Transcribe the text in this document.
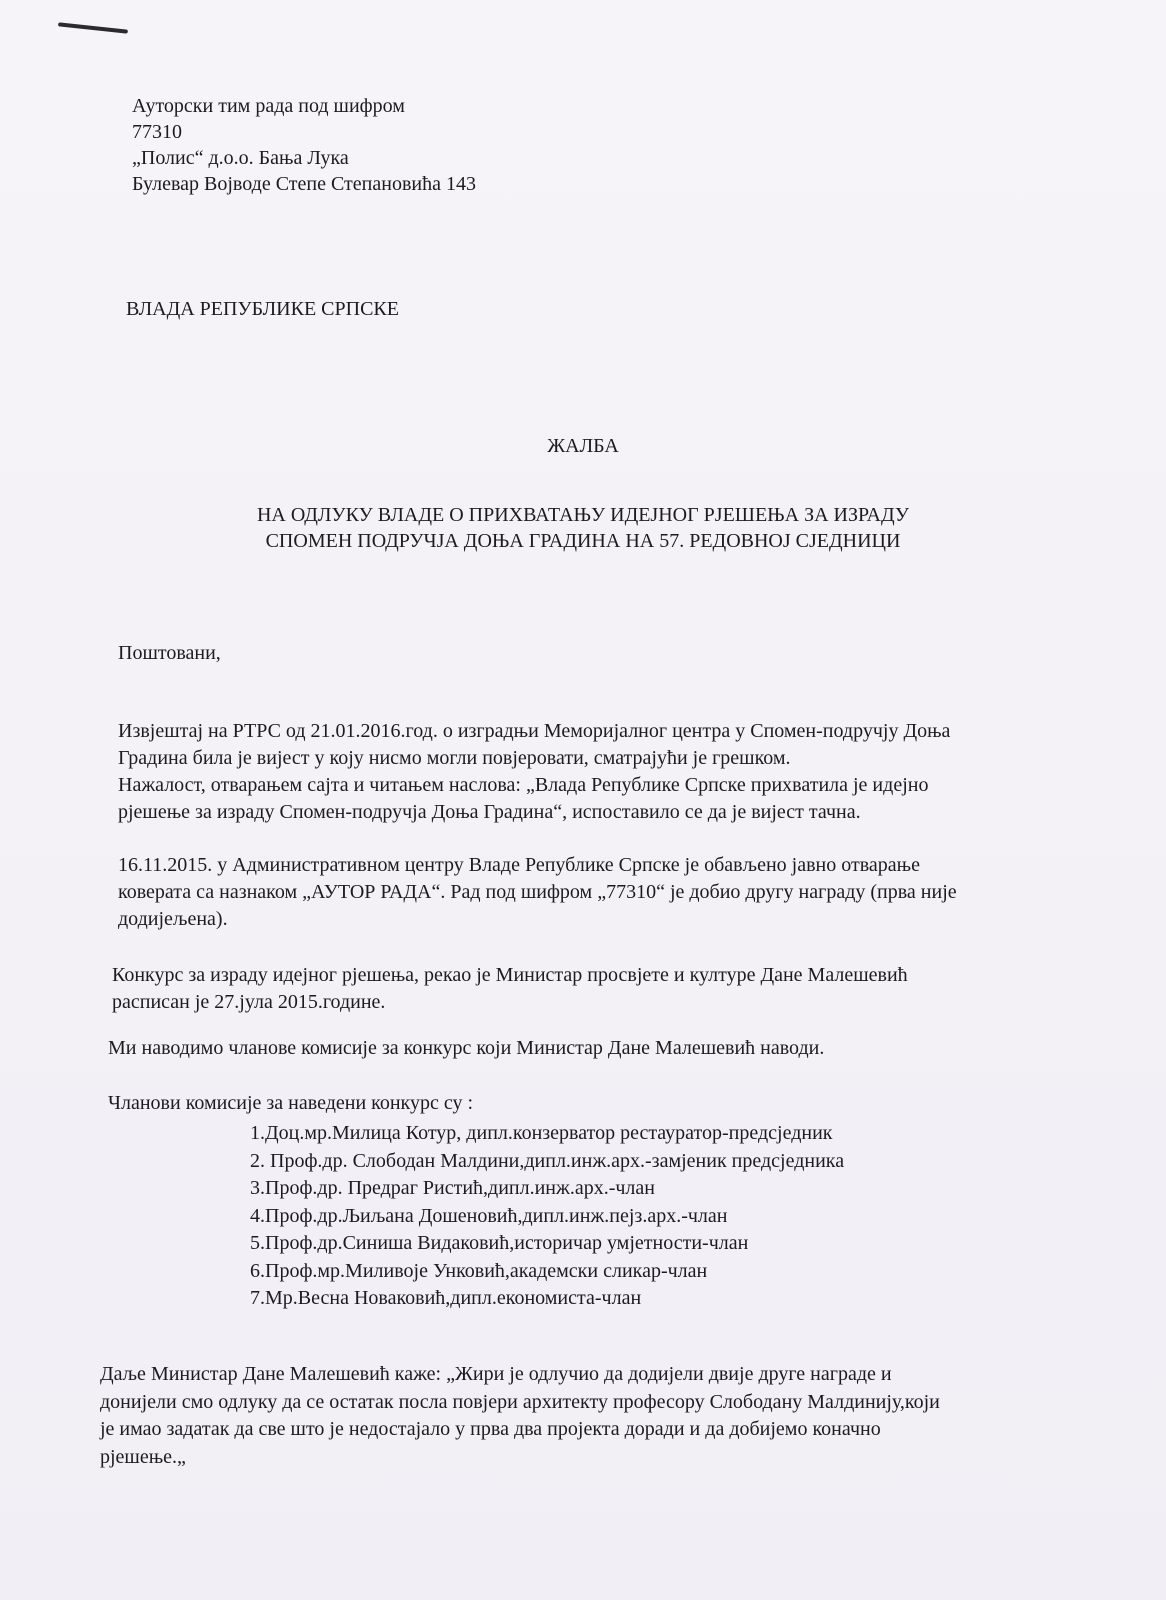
Ауторски тим рада под шифром
77310
„Полис“ д.о.о. Бања Лука
Булевар Војводе Степе Степановића 143
ВЛАДА РЕПУБЛИКЕ СРПСКЕ
ЖАЛБА
НА ОДЛУКУ ВЛАДЕ О ПРИХВАТАЊУ ИДЕЈНОГ РЈЕШЕЊА ЗА ИЗРАДУ
СПОМЕН ПОДРУЧЈА ДОЊА ГРАДИНА НА 57. РЕДОВНОЈ СЈЕДНИЦИ
Поштовани,
Извјештај на РТРС од 21.01.2016.год. о изградњи Меморијалног центра у Спомен-подручју Доња
Градина била је вијест у коју нисмо могли повјеровати, сматрајући је грешком.
Нажалост, отварањем сајта и читањем наслова: „Влада Републике Српске прихватила је идејно
рјешење за израду Спомен-подручја Доња Градина“, испоставило се да је вијест тачна.
16.11.2015. у Административном центру Владе Републике Српске је обављено јавно отварање
коверата са назнаком „АУТОР РАДА“. Рад под шифром „77310“ је добио другу награду (прва није
додијељена).
Конкурс за израду идејног рјешења, рекао је Министар просвјете и културе Дане Малешевић
расписан је 27.јула 2015.године.
Ми наводимо чланове комисије за конкурс који Министар Дане Малешевић наводи.
Чланови комисије за наведени конкурс су :
1.Доц.мр.Милица Котур, дипл.конзерватор рестауратор-предсједник
2. Проф.др. Слободан Малдини,дипл.инж.арх.-замјеник предсједника
3.Проф.др. Предраг Ристић,дипл.инж.арх.-члан
4.Проф.др.Љиљана Дошеновић,дипл.инж.пејз.арх.-члан
5.Проф.др.Синиша Видаковић,историчар умјетности-члан
6.Проф.мр.Миливоје Унковић,академски сликар-члан
7.Мр.Весна Новаковић,дипл.економиста-члан
Даље Министар Дане Малешевић каже: „Жири је одлучио да додијели двије друге награде и
донијели смо одлуку да се остатак посла повјери архитекту професору Слободану Малдинију,који
је имао задатак да све што је недостајало у прва два пројекта доради и да добијемо коначно
рјешење.„
